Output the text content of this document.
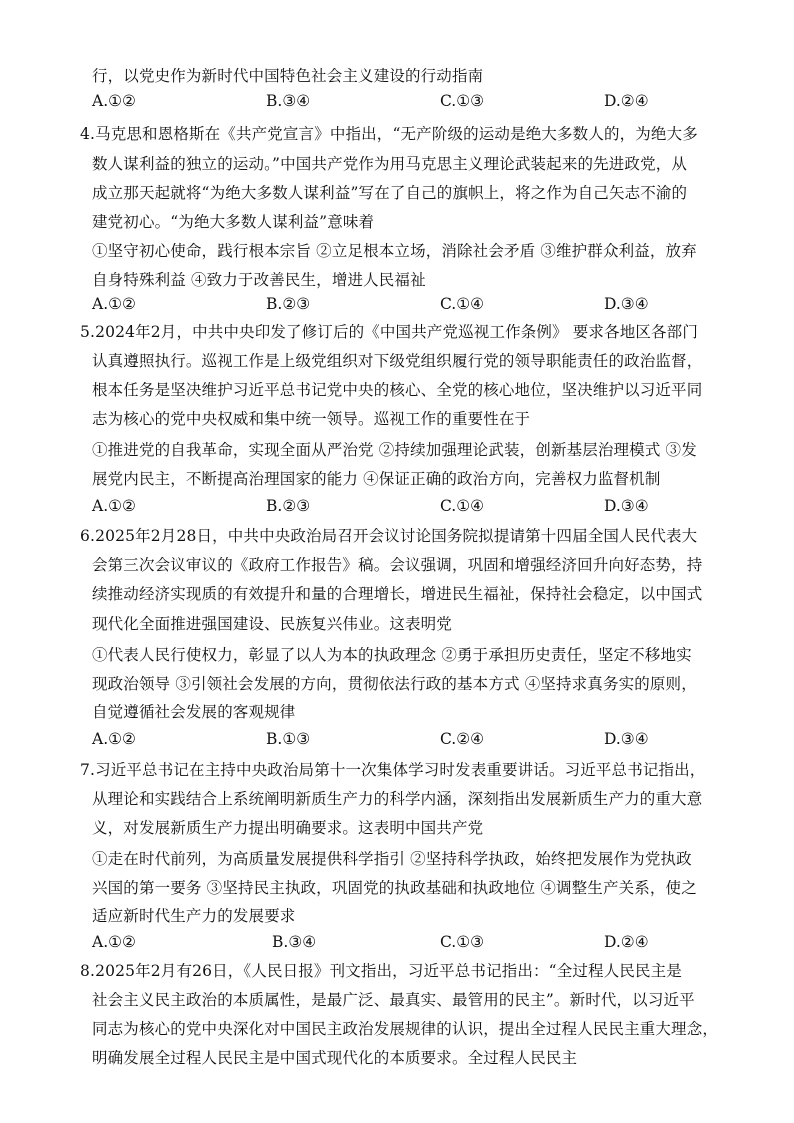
行，以党史作为新时代中国特色社会主义建设的行动指南
A.①②	B.③④	C.①③	D.②④
4.马克思和恩格斯在《共产党宣言》中指出，“无产阶级的运动是绝大多数人的，为绝大多
数人谋利益的独立的运动。”中国共产党作为用马克思主义理论武装起来的先进政党，从
成立那天起就将“为绝大多数人谋利益”写在了自己的旗帜上，将之作为自己矢志不渝的
建党初心。“为绝大多数人谋利益”意味着
①坚守初心使命，践行根本宗旨 ②立足根本立场，消除社会矛盾 ③维护群众利益，放弃
自身特殊利益 ④致力于改善民生，增进人民福祉
A.①②	B.②③	C.①④	D.③④
5.2024年2月，中共中央印发了修订后的《中国共产党巡视工作条例》 要求各地区各部门
认真遵照执行。巡视工作是上级党组织对下级党组织履行党的领导职能责任的政治监督，
根本任务是坚决维护习近平总书记党中央的核心、全党的核心地位，坚决维护以习近平同
志为核心的党中央权威和集中统一领导。巡视工作的重要性在于
①推进党的自我革命，实现全面从严治党 ②持续加强理论武装，创新基层治理模式 ③发
展党内民主，不断提高治理国家的能力 ④保证正确的政治方向，完善权力监督机制
A.①②	B.②③	C.①④	D.③④
6.2025年2月28日，中共中央政治局召开会议讨论国务院拟提请第十四届全国人民代表大
会第三次会议审议的《政府工作报告》稿。会议强调，巩固和增强经济回升向好态势，持
续推动经济实现质的有效提升和量的合理增长，增进民生福祉，保持社会稳定，以中国式
现代化全面推进强国建设、民族复兴伟业。这表明党
①代表人民行使权力，彰显了以人为本的执政理念 ②勇于承担历史责任，坚定不移地实
现政治领导 ③引领社会发展的方向，贯彻依法行政的基本方式 ④坚持求真务实的原则，
自觉遵循社会发展的客观规律
A.①②	B.①③	C.②④	D.③④
7.习近平总书记在主持中央政治局第十一次集体学习时发表重要讲话。习近平总书记指出，
从理论和实践结合上系统阐明新质生产力的科学内涵，深刻指出发展新质生产力的重大意
义，对发展新质生产力提出明确要求。这表明中国共产党
①走在时代前列，为高质量发展提供科学指引 ②坚持科学执政，始终把发展作为党执政
兴国的第一要务 ③坚持民主执政，巩固党的执政基础和执政地位 ④调整生产关系，使之
适应新时代生产力的发展要求
A.①②	B.③④	C.①③	D.②④
8.2025年2月有26日，《人民日报》刊文指出，习近平总书记指出：“全过程人民民主是
社会主义民主政治的本质属性，是最广泛、最真实、最管用的民主”。新时代，以习近平
同志为核心的党中央深化对中国民主政治发展规律的认识，提出全过程人民民主重大理念，
明确发展全过程人民民主是中国式现代化的本质要求。全过程人民民主
